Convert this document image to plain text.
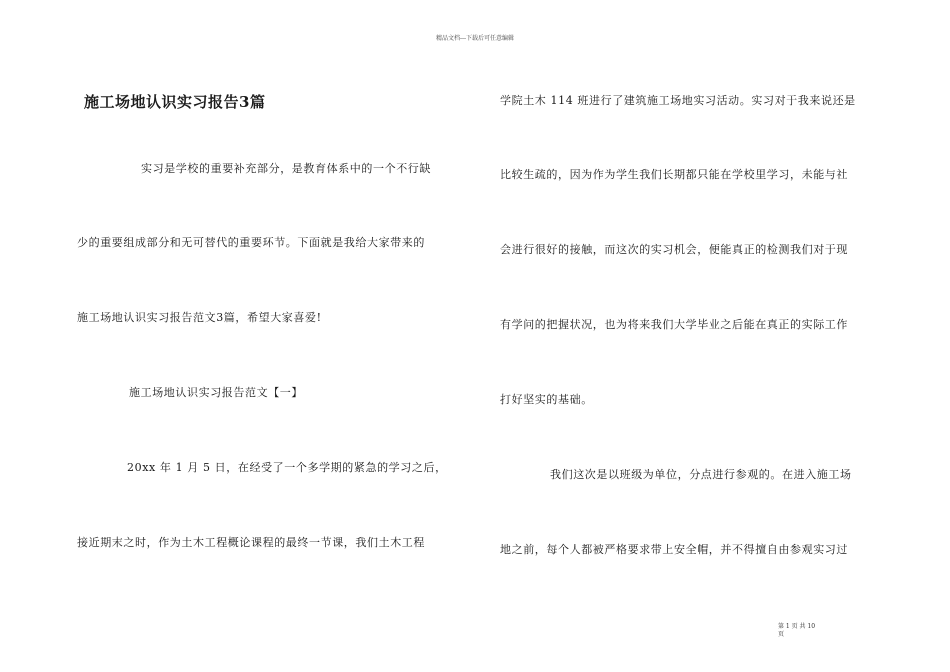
精品文档---下载后可任意编辑
施工场地认识实习报告3篇
实习是学校的重要补充部分，是教育体系中的一个不行缺
少的重要组成部分和无可替代的重要环节。下面就是我给大家带来的
施工场地认识实习报告范文3篇，希望大家喜爱!
施工场地认识实习报告范文【一】
20xx 年 1 月 5 日，在经受了一个多学期的紧急的学习之后，
接近期末之时，作为土木工程概论课程的最终一节课，我们土木工程
学院土木 114 班进行了建筑施工场地实习活动。实习对于我来说还是
比较生疏的，因为作为学生我们长期都只能在学校里学习，未能与社
会进行很好的接触，而这次的实习机会，便能真正的检测我们对于现
有学问的把握状况，也为将来我们大学毕业之后能在真正的实际工作
打好坚实的基础。
我们这次是以班级为单位，分点进行参观的。在进入施工场
地之前，每个人都被严格要求带上安全帽，并不得擅自由参观实习过
第 1 页 共 10
页
